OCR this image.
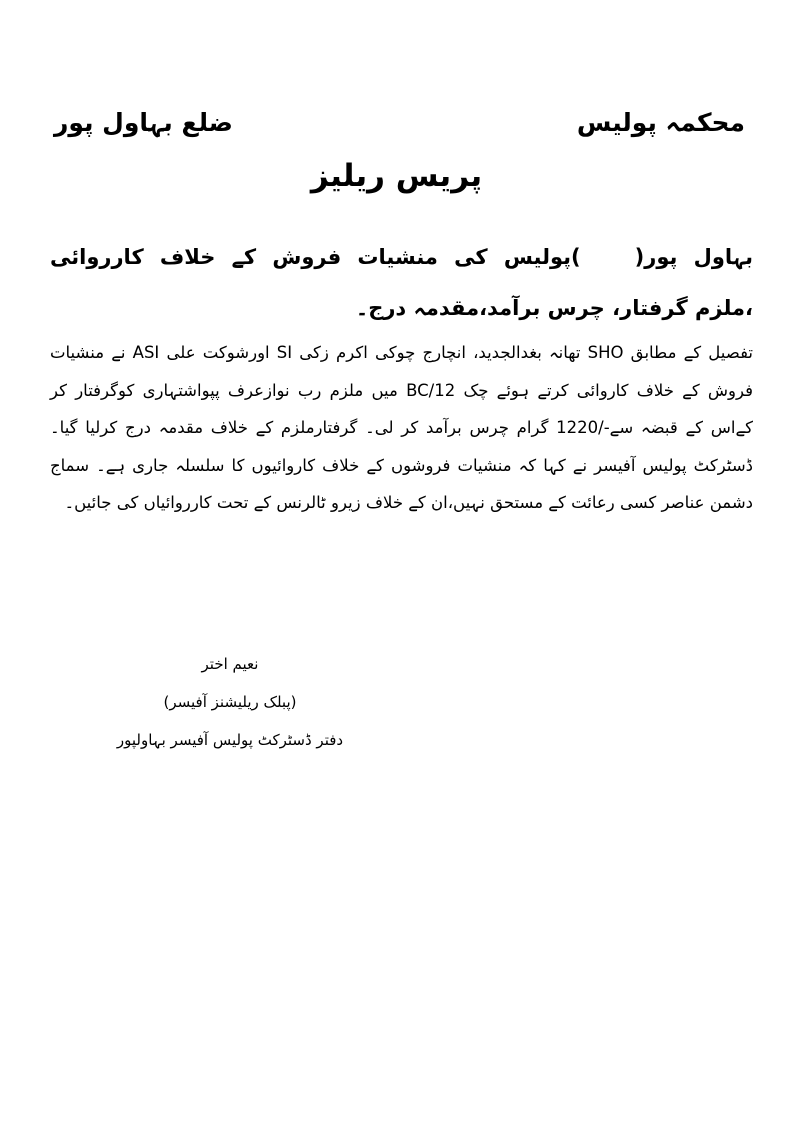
محکمہ پولیس
ضلع بہاول پور
پریس ریلیز
بہاول پور()پولیس کی منشیات فروش کے خلاف کارروائی ،ملزم گرفتار، چرس برآمد،مقدمہ درج۔
تفصیل کے مطابق SHO تھانہ بغدالجدید، انچارج چوکی اکرم زکی SI اورشوکت علی ASI نے منشیات فروش کے خلاف کاروائی کرتے ہوئے چک 12/BC میں ملزم رب نوازعرف پپواشتہاری کوگرفتار کر کےاس کے قبضہ سے-/1220 گرام چرس برآمد کر لی۔ گرفتارملزم کے خلاف مقدمہ درج کرلیا گیا۔ڈسٹرکٹ پولیس آفیسر نے کہا کہ منشیات فروشوں کے خلاف کاروائیوں کا سلسلہ جاری ہے۔ سماج دشمن عناصر کسی رعائت کے مستحق نہیں،ان کے خلاف زیرو ٹالرنس کے تحت کارروائیاں کی جائیں۔
نعیم اختر
(پبلک ریلیشنز آفیسر)
دفتر ڈسٹرکٹ پولیس آفیسر بہاولپور
